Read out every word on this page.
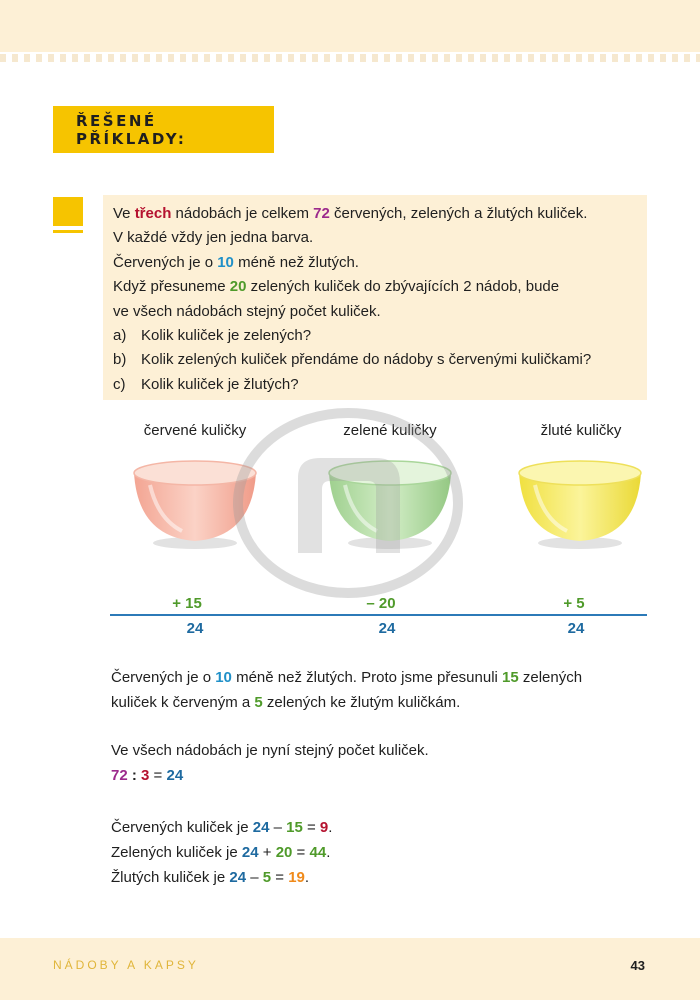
ŘEŠENÉ PŘÍKLADY:

Ve třech nádobách je celkem 72 červených, zelených a žlutých kuliček.

V každé vždy jen jedna barva.

Červených je o 10 méně než žlutých.

Když přesuneme 20 zelených kuliček do zbývajících 2 nádob, bude

ve všech nádobách stejný počet kuliček.

a) Kolik kuliček je zelených?

b) Kolik zelených kuliček přendáme do nádoby s červenými kuličkami?

c) Kolik kuliček je žlutých?

červené kuličky	zelené kuličky	žluté kuličky
+ 15	– 20	+ 5
24	24	24

Červených je o 10 méně než žlutých. Proto jsme přesunuli 15 zelených

kuliček k červeným a 5 zelených ke žlutým kuličkám.

Ve všech nádobách je nyní stejný počet kuliček.

72 : 3 = 24

Červených kuliček je 24 – 15 = 9.

Zelených kuliček je 24 + 20 = 44.

Žlutých kuliček je 24 – 5 = 19.

NÁDOBY A KAPSY	43
